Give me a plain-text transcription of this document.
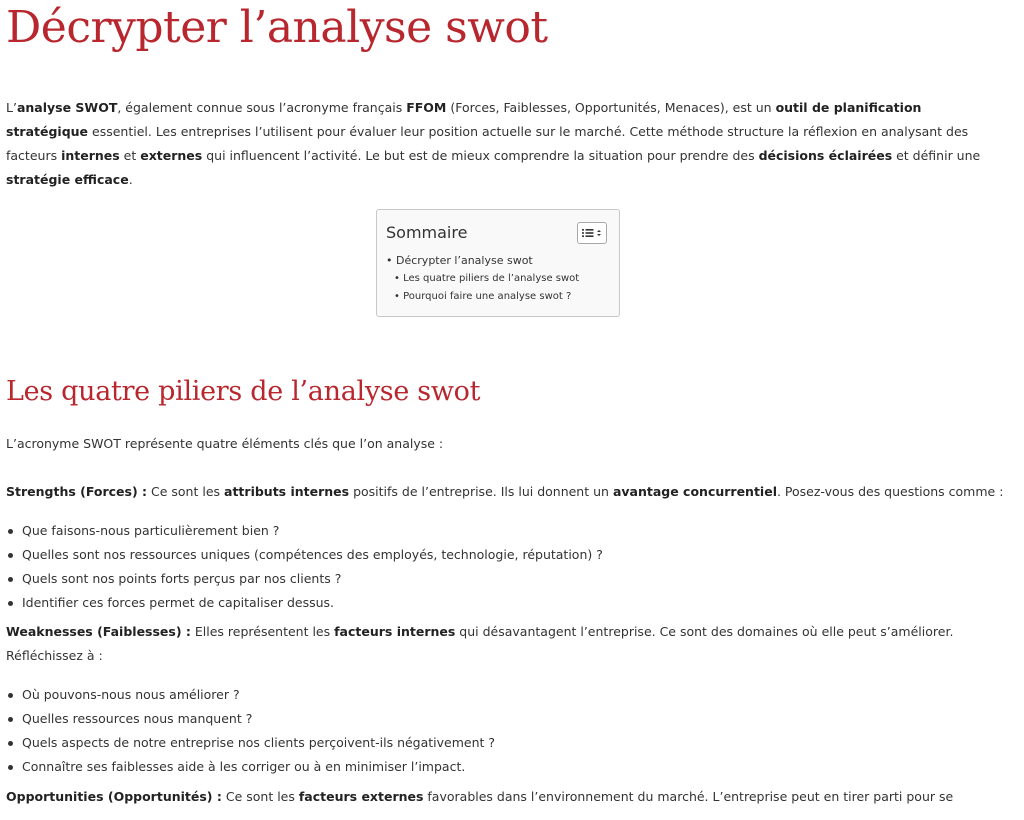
Décrypter l’analyse swot

L’analyse SWOT, également connue sous l’acronyme français FFOM (Forces, Faiblesses, Opportunités, Menaces), est un outil de planification stratégique essentiel. Les entreprises l’utilisent pour évaluer leur position actuelle sur le marché. Cette méthode structure la réflexion en analysant des facteurs internes et externes qui influencent l’activité. Le but est de mieux comprendre la situation pour prendre des décisions éclairées et définir une stratégie efficace.

Sommaire
• Décrypter l’analyse swot
• Les quatre piliers de l’analyse swot
• Pourquoi faire une analyse swot ?
Les quatre piliers de l’analyse swot

L’acronyme SWOT représente quatre éléments clés que l’on analyse :

Strengths (Forces) : Ce sont les attributs internes positifs de l’entreprise. Ils lui donnent un avantage concurrentiel. Posez-vous des questions comme :

Que faisons-nous particulièrement bien ?
Quelles sont nos ressources uniques (compétences des employés, technologie, réputation) ?
Quels sont nos points forts perçus par nos clients ?
Identifier ces forces permet de capitaliser dessus.

Weaknesses (Faiblesses) : Elles représentent les facteurs internes qui désavantagent l’entreprise. Ce sont des domaines où elle peut s’améliorer. Réfléchissez à :

Où pouvons-nous nous améliorer ?
Quelles ressources nous manquent ?
Quels aspects de notre entreprise nos clients perçoivent-ils négativement ?
Connaître ses faiblesses aide à les corriger ou à en minimiser l’impact.

Opportunities (Opportunités) : Ce sont les facteurs externes favorables dans l’environnement du marché. L’entreprise peut en tirer parti pour se
